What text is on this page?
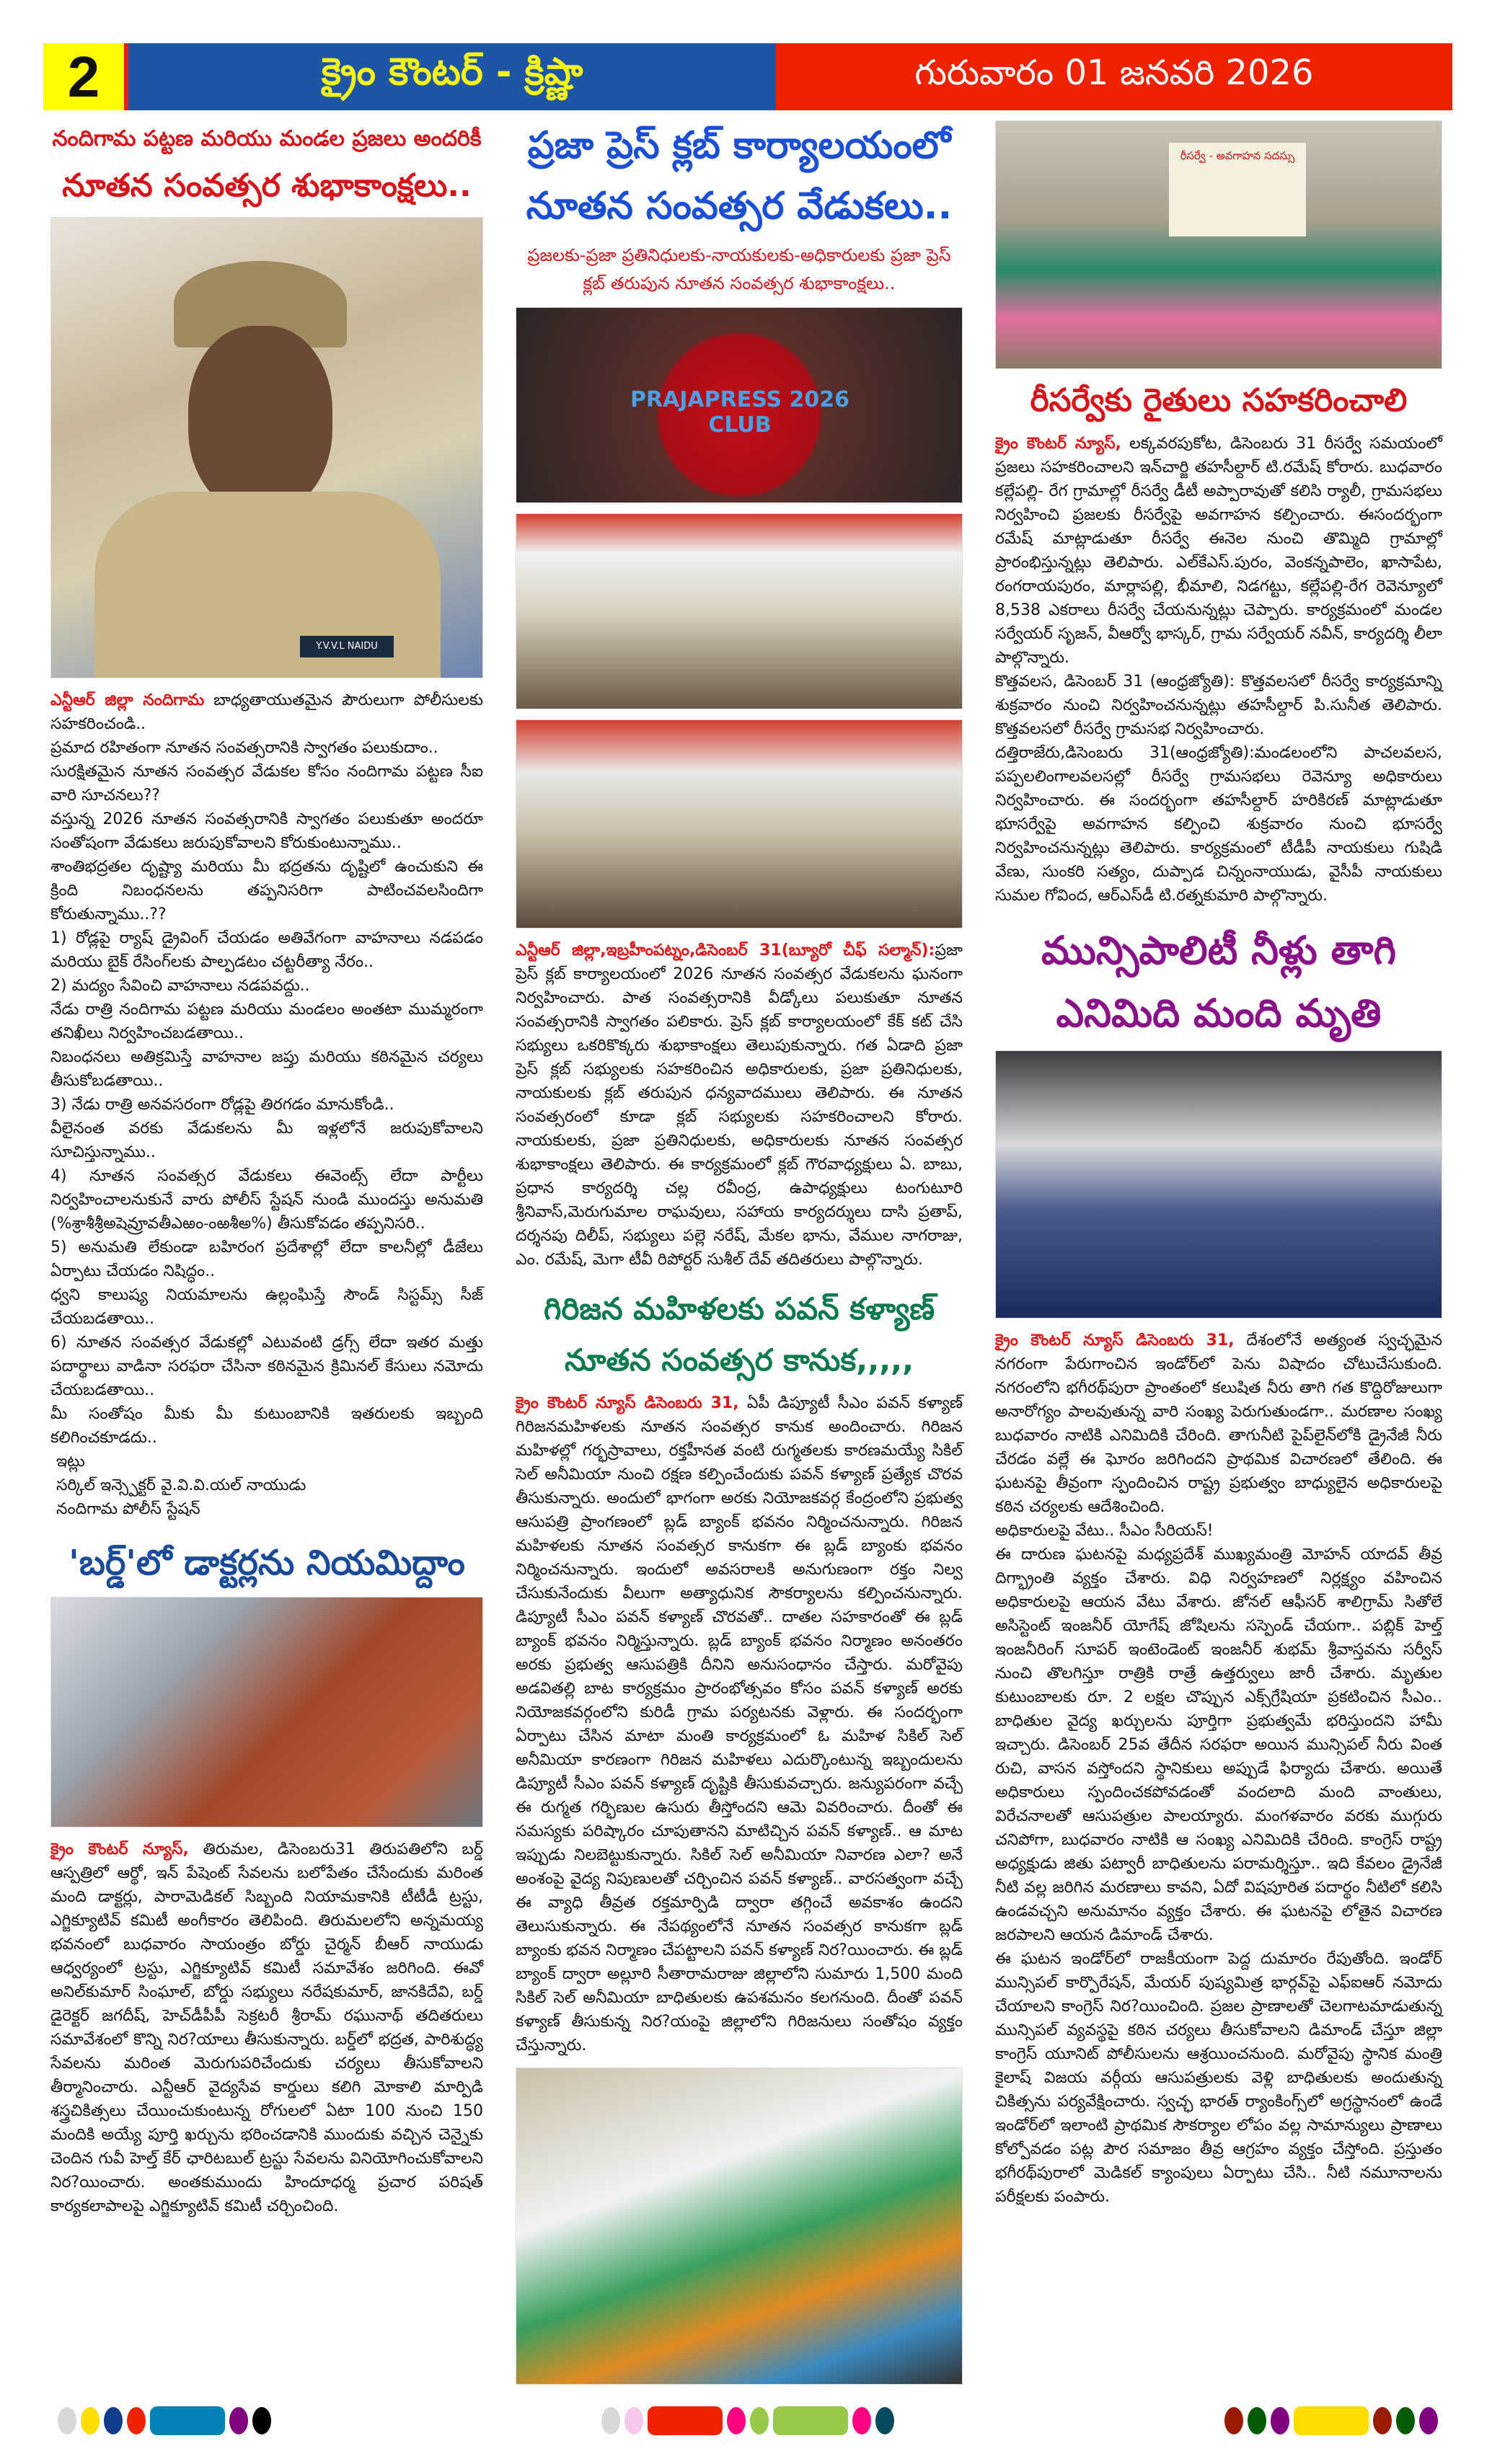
2	క్రైం కౌంటర్ - క్రిష్ణా	గురువారం 01 జనవరి 2026
నందిగామ పట్టణ మరియు మండల ప్రజలు అందరికీ
నూతన సంవత్సర శుభాకాంక్షలు..
Y.V.V.L NAIDU

ఎన్టీఆర్ జిల్లా నందిగామ బాధ్యతాయుతమైన పౌరులుగా పోలీసులకు సహకరించండి..

ప్రమాద రహితంగా నూతన సంవత్సరానికి స్వాగతం పలుకుదాం..

సురక్షితమైన నూతన సంవత్సర వేడుకల కోసం నందిగామ పట్టణ సీఐ వారి సూచనలు??

వస్తున్న 2026 నూతన సంవత్సరానికి స్వాగతం పలుకుతూ అందరూ సంతోషంగా వేడుకలు జరుపుకోవాలని కోరుకుంటున్నాము..

శాంతిభద్రతల దృష్ట్యా మరియు మీ భద్రతను దృష్టిలో ఉంచుకుని ఈ క్రింది నిబంధనలను తప్పనిసరిగా పాటించవలసిందిగా కోరుతున్నాము..??

1) రోడ్లపై ర్యాష్ డ్రైవింగ్ చేయడం అతివేగంగా వాహనాలు నడపడం మరియు బైక్ రేసింగ్‌లకు పాల్పడటం చట్టరీత్యా నేరం..

2) మద్యం సేవించి వాహనాలు నడపవద్దు..

నేడు రాత్రి నందిగామ పట్టణ మరియు మండలం అంతటా ముమ్మరంగా తనిఖీలు నిర్వహించబడతాయి..

నిబంధనలు అతిక్రమిస్తే వాహనాల జప్తు మరియు కఠినమైన చర్యలు తీసుకోబడతాయి..

3) నేడు రాత్రి అనవసరంగా రోడ్లపై తిరగడం మానుకోండి..

వీలైనంత వరకు వేడుకలను మీ ఇళ్లలోనే జరుపుకోవాలని సూచిస్తున్నాము..

4) నూతన సంవత్సర వేడుకలు ఈవెంట్స్ లేదా పార్టీలు నిర్వహించాలనుకునే వారు పోలీస్ స్టేషన్ నుండి ముందస్తు అనుమతి (%శ్రాశీశ్రీఅషెవ్రూవతీఎఱం-ంఱశీఅ%) తీసుకోవడం తప్పనిసరి..

5) అనుమతి లేకుండా బహిరంగ ప్రదేశాల్లో లేదా కాలనీల్లో డీజేలు ఏర్పాటు చేయడం నిషిద్ధం..

ధ్వని కాలుష్య నియమాలను ఉల్లంఘిస్తే సౌండ్ సిస్టమ్స్ సీజ్ చేయబడతాయి..

6) నూతన సంవత్సర వేడుకల్లో ఎటువంటి డ్రగ్స్ లేదా ఇతర మత్తు పదార్థాలు వాడినా సరఫరా చేసినా కఠినమైన క్రిమినల్ కేసులు నమోదు చేయబడతాయి..

మీ సంతోషం మీకు మీ కుటుంబానికి ఇతరులకు ఇబ్బంది కలిగించకూడదు..

ఇట్లు

సర్కిల్ ఇన్స్పెక్టర్ వై.వి.వి.యల్ నాయుడు

నందిగామ పోలీస్ స్టేషన్

'బర్డ్'లో డాక్టర్లను నియమిద్దాం

క్రైం కౌంటర్ న్యూస్, తిరుమల, డిసెంబరు31 తిరుపతిలోని బర్డ్ ఆస్పత్రిలో ఆర్థో, ఇన్ పేషెంట్ సేవలను బలోపేతం చేసేందుకు మరింత మంది డాక్టర్లు, పారామెడికల్ సిబ్బంది నియామకానికి టీటీడీ ట్రస్టు, ఎగ్జిక్యూటివ్ కమిటీ అంగీకారం తెలిపింది. తిరుమలలోని అన్నమయ్య భవనంలో బుధవారం సాయంత్రం బోర్డు చైర్మన్ బీఆర్ నాయుడు ఆధ్వర్యంలో ట్రస్టు, ఎగ్జిక్యూటివ్ కమిటీ సమావేశం జరిగింది. ఈవో అనిల్‌కుమార్ సింఘాల్, బోర్డు సభ్యులు నరేషకుమార్, జానకిదేవి, బర్డ్ డైరెక్టర్ జగదీష్, హెచ్‌డీపీపీ సెక్రటరీ శ్రీరామ్ రఘునాథ్ తదితరులు సమావేశంలో కొన్ని నిర?యాలు తీసుకున్నారు. బర్డ్‌లో భద్రత, పారిశుద్ధ్య సేవలను మరింత మెరుగుపరిచేందుకు చర్యలు తీసుకోవాలని తీర్మానించారు. ఎన్టీఆర్ వైద్యసేవ కార్డులు కలిగి మోకాలి మార్పిడి శస్త్రచికిత్సలు చేయించుకుంటున్న రోగులలో ఏటా 100 నుంచి 150 మందికి అయ్యే పూర్తి ఖర్చును భరించడానికి ముందుకు వచ్చిన చెన్నైకు చెందిన గువీ హెల్త్ కేర్ ఛారిటబుల్ ట్రస్టు సేవలను వినియోగించుకోవాలని నిర?యించారు. అంతకుముందు హిందూధర్మ ప్రచార పరిషత్ కార్యకలాపాలపై ఎగ్జిక్యూటివ్ కమిటీ చర్చించింది.

ప్రజా ప్రెస్ క్లబ్ కార్యాలయంలో
నూతన సంవత్సర వేడుకలు..
ప్రజలకు-ప్రజా ప్రతినిధులకు-నాయకులకు-అధికారులకు ప్రజా ప్రెస్ క్లబ్ తరుపున నూతన సంవత్సర శుభాకాంక్షలు..
PRAJAPRESS 2026 CLUB

ఎన్టీఆర్ జిల్లా,ఇబ్రహీంపట్నం,డిసెంబర్ 31(బ్యూరో చీఫ్ సల్మాన్):ప్రజా ప్రెస్ క్లబ్ కార్యాలయంలో 2026 నూతన సంవత్సర వేడుకలను ఘనంగా నిర్వహించారు. పాత సంవత్సరానికి వీడ్కోలు పలుకుతూ నూతన సంవత్సరానికి స్వాగతం పలికారు. ప్రెస్ క్లబ్ కార్యాలయంలో కేక్ కట్ చేసి సభ్యులు ఒకరికొక్కరు శుభాకాంక్షలు తెలుపుకున్నారు. గత ఏడాది ప్రజా ప్రెస్ క్లబ్ సభ్యులకు సహకరించిన అధికారులకు, ప్రజా ప్రతినిధులకు, నాయకులకు క్లబ్ తరుపున ధన్యవాదములు తెలిపారు. ఈ నూతన సంవత్సరంలో కూడా క్లబ్ సభ్యులకు సహకరించాలని కోరారు. నాయకులకు, ప్రజా ప్రతినిధులకు, అధికారులకు నూతన సంవత్సర శుభాకాంక్షలు తెలిపారు. ఈ కార్యక్రమంలో క్లబ్ గౌరవాధ్యక్షులు ఏ. బాబు, ప్రధాన కార్యదర్శి చల్ల రవీంద్ర, ఉపాధ్యక్షులు టంగుటూరి శ్రీనివాస్,మెరుగుమాల రాఘవులు, సహాయ కార్యదర్శులు దాసి ప్రతాప్, దర్శనపు దిలీప్, సభ్యులు పల్లె నరేష్, మేకల భాను, వేముల నాగరాజు, ఎం. రమేష్, మెగా టీవీ రిపోర్టర్ సుశీల్ దేవ్ తదితరులు పాల్గొన్నారు.

గిరిజన మహిళలకు పవన్ కళ్యాణ్
నూతన సంవత్సర కానుక,,,,,

క్రైం కౌంటర్ న్యూస్ డిసెంబరు 31, ఏపీ డిప్యూటీ సీఎం పవన్ కళ్యాణ్ గిరిజనమహిళలకు నూతన సంవత్సర కానుక అందించారు. గిరిజన మహిళల్లో గర్భస్రావాలు, రక్తహీనత వంటి రుగ్మతలకు కారణమయ్యే సికిల్ సెల్ అనీమియా నుంచి రక్షణ కల్పించేందుకు పవన్ కళ్యాణ్ ప్రత్యేక చొరవ తీసుకున్నారు. అందులో భాగంగా అరకు నియోజకవర్గ కేంద్రంలోని ప్రభుత్వ ఆసుపత్రి ప్రాంగణంలో బ్లడ్ బ్యాంక్ భవనం నిర్మించనున్నారు. గిరిజన మహిళలకు నూతన సంవత్సర కానుకగా ఈ బ్లడ్ బ్యాంకు భవనం నిర్మించనున్నారు. ఇందులో అవసరాలకి అనుగుణంగా రక్తం నిల్వ చేసుకునేందుకు వీలుగా అత్యాధునిక సౌకర్యాలను కల్పించనున్నారు. డిప్యూటీ సీఎం పవన్ కళ్యాణ్ చొరవతో.. దాతల సహకారంతో ఈ బ్లడ్ బ్యాంక్ భవనం నిర్మిస్తున్నారు. బ్లడ్ బ్యాంక్ భవనం నిర్మాణం అనంతరం అరకు ప్రభుత్వ ఆసుపత్రికి దీనిని అనుసంధానం చేస్తారు. మరోవైపు అడవితల్లి బాట కార్యక్రమం ప్రారంభోత్సవం కోసం పవన్ కళ్యాణ్ అరకు నియోజకవర్గంలోని కురిడీ గ్రామ పర్యటనకు వెళ్లారు. ఈ సందర్భంగా ఏర్పాటు చేసిన మాటా మంతి కార్యక్రమంలో ఓ మహిళ సికిల్ సెల్ అనీమియా కారణంగా గిరిజన మహిళలు ఎదుర్కొంటున్న ఇబ్బందులను డిప్యూటీ సీఎం పవన్ కళ్యాణ్ దృష్టికి తీసుకువచ్చారు. జన్యుపరంగా వచ్చే ఈ రుగ్మత గర్భిణుల ఉసురు తీస్తోందని ఆమె వివరించారు. దీంతో ఈ సమస్యకు పరిష్కారం చూపుతానని మాటిచ్చిన పవన్ కళ్యాణ్.. ఆ మాట ఇప్పుడు నిలబెట్టుకున్నారు. సికిల్ సెల్ అనీమియా నివారణ ఎలా? అనే అంశంపై వైద్య నిపుణులతో చర్చించిన పవన్ కళ్యాణ్.. వారసత్వంగా వచ్చే ఈ వ్యాధి తీవ్రత రక్తమార్పిడి ద్వారా తగ్గించే అవకాశం ఉందని తెలుసుకున్నారు. ఈ నేపథ్యంలోనే నూతన సంవత్సర కానుకగా బ్లడ్ బ్యాంకు భవన నిర్మాణం చేపట్టాలని పవన్ కళ్యాణ్ నిర?యించారు. ఈ బ్లడ్ బ్యాంక్ ద్వారా అల్లూరి సీతారామరాజు జిల్లాలోని సుమారు 1,500 మంది సికిల్ సెల్ అనీమియా బాధితులకు ఉపశమనం కలగనుంది. దీంతో పవన్ కళ్యాణ్ తీసుకున్న నిర?యంపై జిల్లాలోని గిరిజనులు సంతోషం వ్యక్తం చేస్తున్నారు.

రీసర్వే - అవగాహన సదస్సు
రీసర్వేకు రైతులు సహకరించాలి

క్రైం కౌంటర్ న్యూస్, లక్కవరపుకోట, డిసెంబరు 31 రీసర్వే సమయంలో ప్రజలు సహకరించాలని ఇన్‌చార్జి తహసీల్దార్ టి.రమేష్ కోరారు. బుధవారం కల్లేపల్లి- రేగ గ్రామాల్లో రీసర్వే డీటీ అప్పారావుతో కలిసి ర్యాలీ, గ్రామసభలు నిర్వహించి ప్రజలకు రీసర్వేపై అవగాహన కల్పించారు. ఈసందర్భంగా రమేష్ మాట్లాడుతూ రీసర్వే ఈనెల నుంచి తొమ్మిది గ్రామాల్లో ప్రారంభిస్తున్నట్లు తెలిపారు. ఎల్‌కేఎస్.పురం, వెంకన్నపాలెం, ఖాసాపేట, రంగరాయపురం, మార్లాపల్లి, భీమాలి, నిడగట్టు, కల్లేపల్లి-రేగ రెవెన్యూలో 8,538 ఎకరాలు రీసర్వే చేయనున్నట్లు చెప్పారు. కార్యక్రమంలో మండల సర్వేయర్ సృజన్, వీఆర్వో భాస్కర్, గ్రామ సర్వేయర్ నవీన్, కార్యదర్శి లీలా పాల్గొన్నారు.

కొత్తవలస, డిసెంబర్ 31 (ఆంధ్రజ్యోతి): కొత్తవలసలో రీసర్వే కార్యక్రమాన్ని శుక్రవారం నుంచి నిర్వహించనున్నట్లు తహసీల్దార్ పి.సునీత తెలిపారు. కొత్తవలసలో రీసర్వే గ్రామసభ నిర్వహించారు.

దత్తిరాజేరు,డిసెంబరు 31(ఆంధ్రజ్యోతి):మండలంలోని పాచలవలస, పప్పలలింగాలవలసల్లో రీసర్వే గ్రామసభలు రెవెన్యూ అధికారులు నిర్వహించారు. ఈ సందర్భంగా తహసీల్దార్ హరికిరణ్ మాట్లాడుతూ భూసర్వేపై అవగాహన కల్పించి శుక్రవారం నుంచి భూసర్వే నిర్వహించనున్నట్లు తెలిపారు. కార్యక్రమంలో టీడీపీ నాయకులు గుషిడి వేణు, సుంకరి సత్యం, దుప్పాడ చిన్నంనాయుడు, వైసీపీ నాయకులు సుమల గోవింద, ఆర్ఎస్‌డీ టి.రత్నకుమారి పాల్గొన్నారు.

మున్సిపాలిటీ నీళ్లు తాగి
ఎనిమిది మంది మృతి

క్రైం కౌంటర్ న్యూస్ డిసెంబరు 31, దేశంలోనే అత్యంత స్వచ్ఛమైన నగరంగా పేరుగాంచిన ఇండోర్‌లో పెను విషాదం చోటుచేసుకుంది. నగరంలోని భగీరథ్‌పురా ప్రాంతంలో కలుషిత నీరు తాగి గత కొద్దిరోజులుగా అనారోగ్యం పాలవుతున్న వారి సంఖ్య పెరుగుతుండగా.. మరణాల సంఖ్య బుధవారం నాటికి ఎనిమిదికి చేరింది. తాగునీటి పైప్‌లైన్‌లోకి డ్రైనేజీ నీరు చేరడం వల్లే ఈ ఘోరం జరిగిందని ప్రాథమిక విచారణలో తేలింది. ఈ ఘటనపై తీవ్రంగా స్పందించిన రాష్ట్ర ప్రభుత్వం బాధ్యులైన అధికారులపై కఠిన చర్యలకు ఆదేశించింది.

అధికారులపై వేటు.. సీఎం సీరియస్!

ఈ దారుణ ఘటనపై మధ్యప్రదేశ్ ముఖ్యమంత్రి మోహన్ యాదవ్ తీవ్ర దిగ్భ్రాంతి వ్యక్తం చేశారు. విధి నిర్వహణలో నిర్లక్ష్యం వహించిన అధికారులపై ఆయన వేటు వేశారు. జోనల్ ఆఫీసర్ శాలిగ్రామ్ సితోలే అసిస్టెంట్ ఇంజనీర్ యోగేష్ జోషిలను సస్పెండ్ చేయగా.. పబ్లిక్ హెల్త్ ఇంజనీరింగ్ సూపర్ ఇంటెండెంట్ ఇంజనీర్ శుభమ్ శ్రీవాస్తవను సర్వీస్ నుంచి తొలగిస్తూ రాత్రికి రాత్రే ఉత్తర్వులు జారీ చేశారు. మృతుల కుటుంబాలకు రూ. 2 లక్షల చొప్పున ఎక్స్‌గ్రేషియా ప్రకటించిన సీఎం.. బాధితుల వైద్య ఖర్చులను పూర్తిగా ప్రభుత్వమే భరిస్తుందని హామీ ఇచ్చారు. డిసెంబర్ 25వ తేదీన సరఫరా అయిన మున్సిపల్ నీరు వింత రుచి, వాసన వస్తోందని స్థానికులు అప్పుడే ఫిర్యాదు చేశారు. అయితే అధికారులు స్పందించకపోవడంతో వందలాది మంది వాంతులు, విరేచనాలతో ఆసుపత్రుల పాలయ్యారు. మంగళవారం వరకు ముగ్గురు చనిపోగా, బుధవారం నాటికి ఆ సంఖ్య ఎనిమిదికి చేరింది. కాంగ్రెస్ రాష్ట్ర అధ్యక్షుడు జితు పట్వారీ బాధితులను పరామర్శిస్తూ.. ఇది కేవలం డ్రైనేజీ నీటి వల్ల జరిగిన మరణాలు కావని, ఏదో విషపూరిత పదార్థం నీటిలో కలిసి ఉండవచ్చని అనుమానం వ్యక్తం చేశారు. ఈ ఘటనపై లోతైన విచారణ జరపాలని ఆయన డిమాండ్ చేశారు.

ఈ ఘటన ఇండోర్‌లో రాజకీయంగా పెద్ద దుమారం రేపుతోంది. ఇండోర్ మున్సిపల్ కార్పొరేషన్, మేయర్ పుష్యమిత్ర భార్గవ్‌పై ఎఫ్ఐఆర్ నమోదు చేయాలని కాంగ్రెస్ నిర?యించింది. ప్రజల ప్రాణాలతో చెలగాటమాడుతున్న మున్సిపల్ వ్యవస్థపై కఠిన చర్యలు తీసుకోవాలని డిమాండ్ చేస్తూ జిల్లా కాంగ్రెస్ యూనిట్ పోలీసులను ఆశ్రయించనుంది. మరోవైపు స్థానిక మంత్రి కైలాష్ విజయ వర్గీయ ఆసుపత్రులకు వెళ్లి బాధితులకు అందుతున్న చికిత్సను పర్యవేక్షించారు. స్వచ్ఛ భారత్ ర్యాంకింగ్స్‌లో అగ్రస్థానంలో ఉండే ఇండోర్‌లో ఇలాంటి ప్రాథమిక సౌకర్యాల లోపం వల్ల సామాన్యులు ప్రాణాలు కోల్పోవడం పట్ల పౌర సమాజం తీవ్ర ఆగ్రహం వ్యక్తం చేస్తోంది. ప్రస్తుతం భగీరథ్‌పురాలో మెడికల్ క్యాంపులు ఏర్పాటు చేసి.. నీటి నమూనాలను పరీక్షలకు పంపారు.
